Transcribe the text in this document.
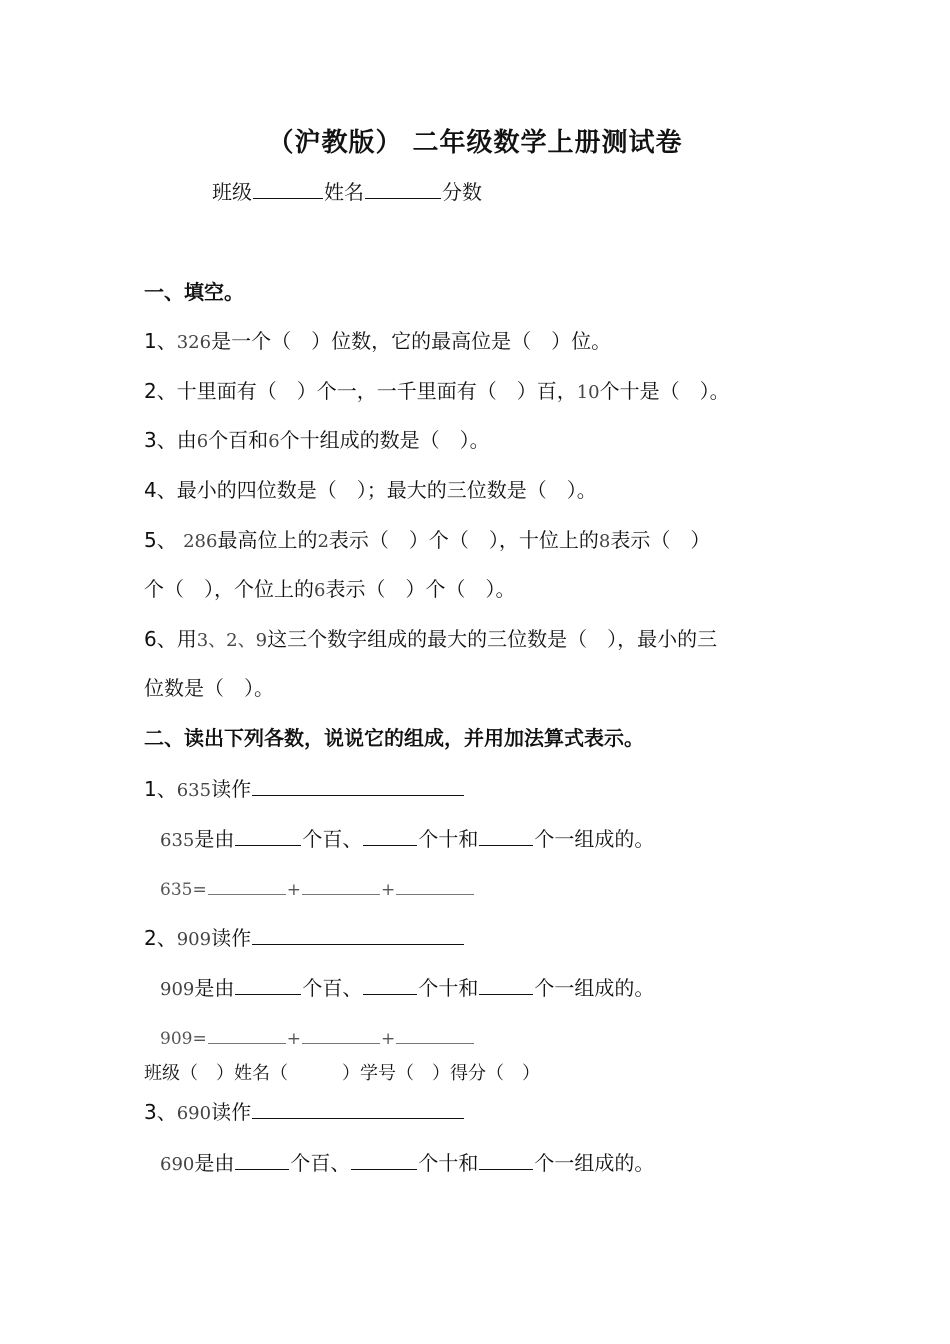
（沪教版） 二年级数学上册测试卷
班级	姓名	分数
一、填空。
1、326是一个（　）位数，它的最高位是（　）位。
2、十里面有（　）个一，一千里面有（　）百，10个十是（　）。
3、由6个百和6个十组成的数是（　）。
4、最小的四位数是（　）；最大的三位数是（　）。
5、 286最高位上的2表示（　）个（　），十位上的8表示（　）
个（　），个位上的6表示（　）个（　）。
6、用3、2、9这三个数字组成的最大的三位数是（　），最小的三
位数是（　）。
二、读出下列各数，说说它的组成，并用加法算式表示。
1、635读作
635是由	个百、	个十和	个一组成的。
635=	+	+
2、909读作
909是由	个百、	个十和	个一组成的。
909=	+	+
班级（　）姓名（　　　）学号（　）得分（　）
3、690读作
690是由	个百、	个十和	个一组成的。
